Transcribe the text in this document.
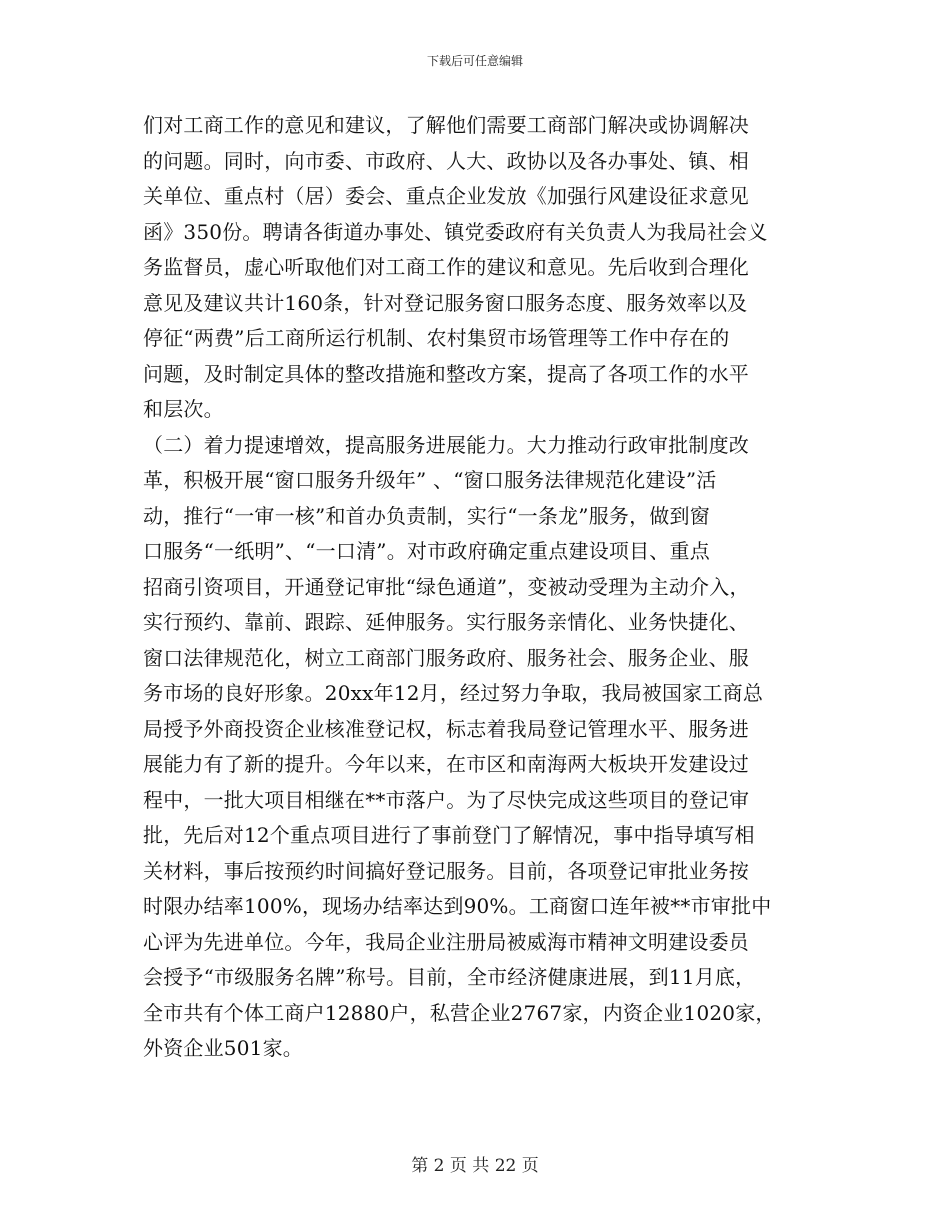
下载后可任意编辑
们对工商工作的意见和建议，了解他们需要工商部门解决或协调解决
的问题。同时，向市委、市政府、人大、政协以及各办事处、镇、相
关单位、重点村（居）委会、重点企业发放《加强行风建设征求意见
函》350份。聘请各街道办事处、镇党委政府有关负责人为我局社会义
务监督员，虚心听取他们对工商工作的建议和意见。先后收到合理化
意见及建议共计160条，针对登记服务窗口服务态度、服务效率以及
停征“两费”后工商所运行机制、农村集贸市场管理等工作中存在的
问题，及时制定具体的整改措施和整改方案，提高了各项工作的水平
和层次。
（二）着力提速增效，提高服务进展能力。大力推动行政审批制度改
革，积极开展“窗口服务升级年” 、“窗口服务法律规范化建设”活
动，推行“一审一核”和首办负责制，实行“一条龙”服务，做到窗
口服务“一纸明”、“一口清”。对市政府确定重点建设项目、重点
招商引资项目，开通登记审批“绿色通道”，变被动受理为主动介入，
实行预约、靠前、跟踪、延伸服务。实行服务亲情化、业务快捷化、
窗口法律规范化，树立工商部门服务政府、服务社会、服务企业、服
务市场的良好形象。20xx年12月，经过努力争取，我局被国家工商总
局授予外商投资企业核准登记权，标志着我局登记管理水平、服务进
展能力有了新的提升。今年以来，在市区和南海两大板块开发建设过
程中，一批大项目相继在**市落户。为了尽快完成这些项目的登记审
批，先后对12个重点项目进行了事前登门了解情况，事中指导填写相
关材料，事后按预约时间搞好登记服务。目前，各项登记审批业务按
时限办结率100%，现场办结率达到90%。工商窗口连年被**市审批中
心评为先进单位。今年，我局企业注册局被威海市精神文明建设委员
会授予“市级服务名牌”称号。目前，全市经济健康进展，到11月底，
全市共有个体工商户12880户，私营企业2767家，内资企业1020家，
外资企业501家。
第 2 页 共 22 页
